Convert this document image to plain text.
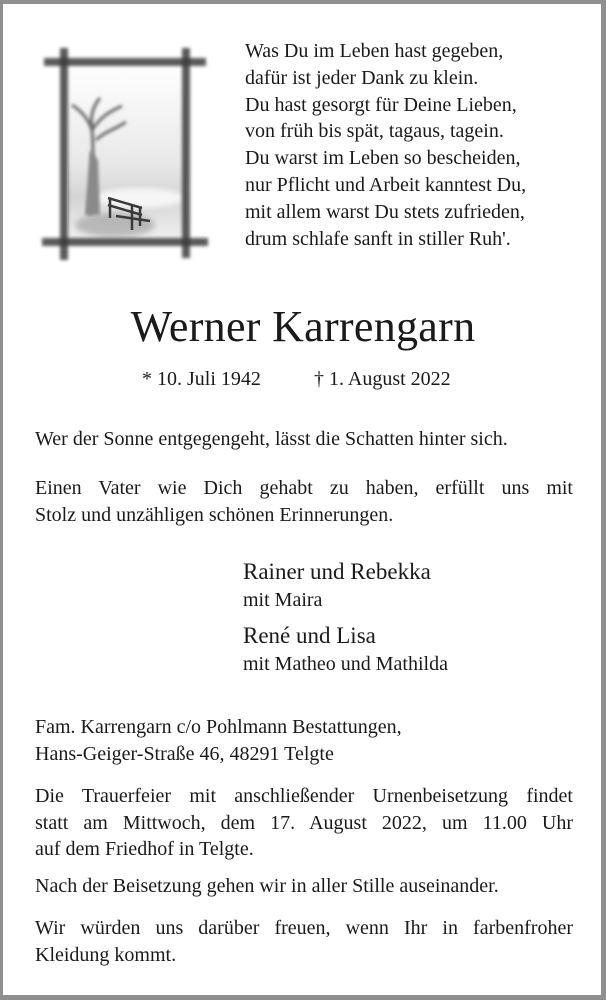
Was Du im Leben hast gegeben,
dafür ist jeder Dank zu klein.
Du hast gesorgt für Deine Lieben,
von früh bis spät, tagaus, tagein.
Du warst im Leben so bescheiden,
nur Pflicht und Arbeit kanntest Du,
mit allem warst Du stets zufrieden,
drum schlafe sanft in stiller Ruh'.
Werner Karrengarn
* 10. Juli 1942	† 1. August 2022
Wer der Sonne entgegengeht, lässt die Schatten hinter sich.
Einen Vater wie Dich gehabt zu haben, erfüllt uns mit
Stolz und unzähligen schönen Erinnerungen.
Rainer und Rebekka
mit Maira
René und Lisa
mit Matheo und Mathilda
Fam. Karrengarn c/o Pohlmann Bestattungen,
Hans-Geiger-Straße 46, 48291 Telgte
Die Trauerfeier mit anschließender Urnenbeisetzung findet
statt am Mittwoch, dem 17. August 2022, um 11.00 Uhr
auf dem Friedhof in Telgte.
Nach der Beisetzung gehen wir in aller Stille auseinander.
Wir würden uns darüber freuen, wenn Ihr in farbenfroher
Kleidung kommt.
